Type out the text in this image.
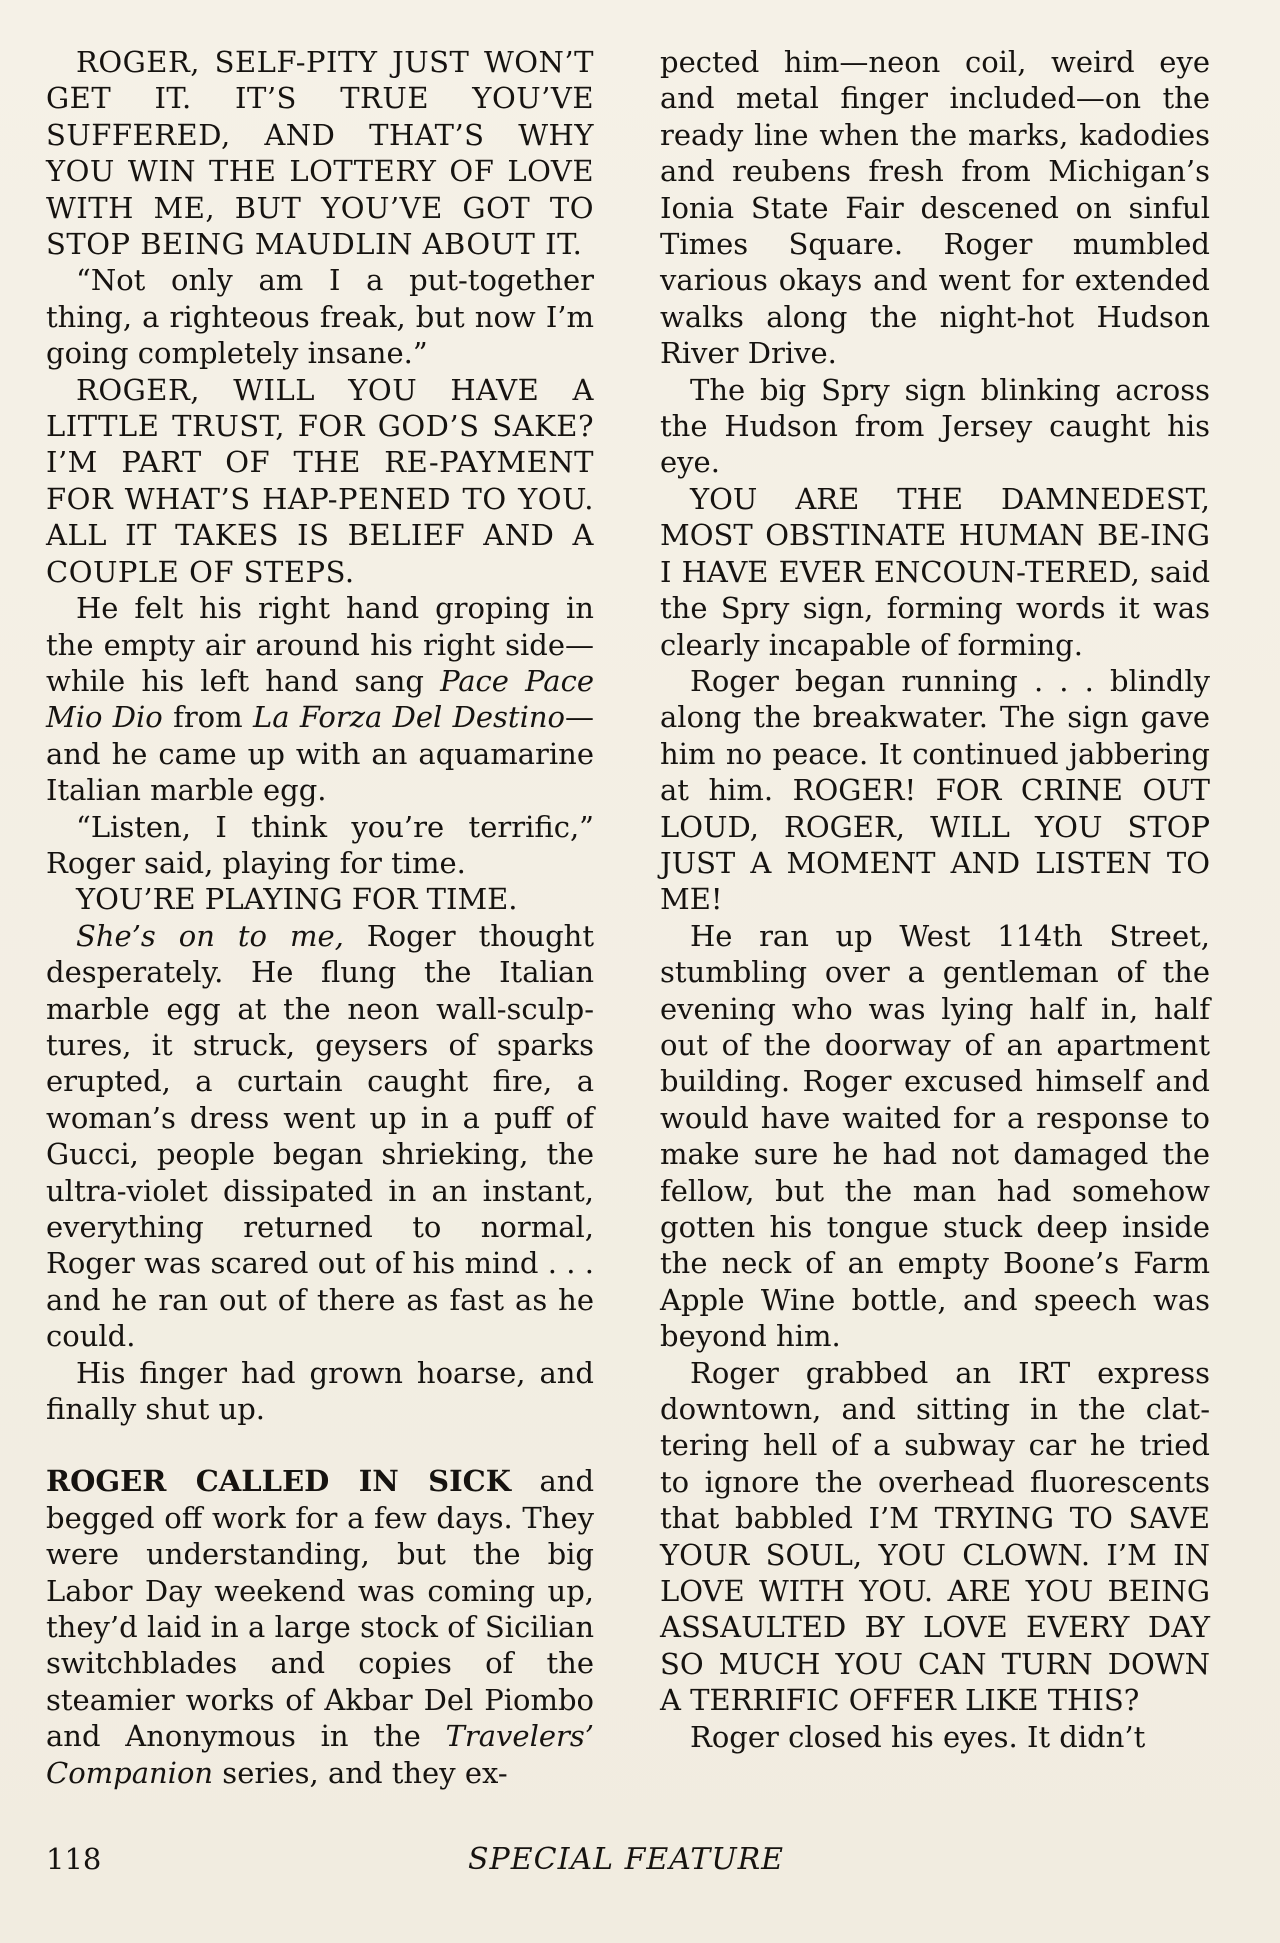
ROGER, SELF-PITY JUST WON’T GET IT. IT’S TRUE YOU’VE SUFFERED, AND THAT’S WHY YOU WIN THE LOTTERY OF LOVE WITH ME, BUT YOU’VE GOT TO STOP BEING MAUDLIN ABOUT IT.

“Not only am I a put-together thing, a righteous freak, but now I’m going completely insane.”

ROGER, WILL YOU HAVE A LITTLE TRUST, FOR GOD’S SAKE? I’M PART OF THE RE-PAYMENT FOR WHAT’S HAP-PENED TO YOU. ALL IT TAKES IS BELIEF AND A COUPLE OF STEPS.

He felt his right hand groping in the empty air around his right side—while his left hand sang Pace Pace Mio Dio from La Forza Del Destino—and he came up with an aquamarine Italian marble egg.

“Listen, I think you’re terrific,” Roger said, playing for time.

YOU’RE PLAYING FOR TIME.

She’s on to me, Roger thought desperately. He flung the Italian marble egg at the neon wall-sculp-tures, it struck, geysers of sparks erupted, a curtain caught fire, a woman’s dress went up in a puff of Gucci, people began shrieking, the ultra-violet dissipated in an instant, everything returned to normal, Roger was scared out of his mind . . . and he ran out of there as fast as he could.

His finger had grown hoarse, and finally shut up.

ROGER CALLED IN SICK and begged off work for a few days. They were understanding, but the big Labor Day weekend was coming up, they’d laid in a large stock of Sicilian switchblades and copies of the steamier works of Akbar Del Piombo and Anonymous in the Travelers’ Companion series, and they ex-

pected him—neon coil, weird eye and metal finger included—on the ready line when the marks, kadodies and reubens fresh from Michigan’s Ionia State Fair descened on sinful Times Square. Roger mumbled various okays and went for extended walks along the night-hot Hudson River Drive.

The big Spry sign blinking across the Hudson from Jersey caught his eye.

YOU ARE THE DAMNEDEST, MOST OBSTINATE HUMAN BE-ING I HAVE EVER ENCOUN-TERED, said the Spry sign, forming words it was clearly incapable of forming.

Roger began running . . . blindly along the breakwater. The sign gave him no peace. It continued jabbering at him. ROGER! FOR CRINE OUT LOUD, ROGER, WILL YOU STOP JUST A MOMENT AND LISTEN TO ME!

He ran up West 114th Street, stumbling over a gentleman of the evening who was lying half in, half out of the doorway of an apartment building. Roger excused himself and would have waited for a response to make sure he had not damaged the fellow, but the man had somehow gotten his tongue stuck deep inside the neck of an empty Boone’s Farm Apple Wine bottle, and speech was beyond him.

Roger grabbed an IRT express downtown, and sitting in the clat-tering hell of a subway car he tried to ignore the overhead fluorescents that babbled I’M TRYING TO SAVE YOUR SOUL, YOU CLOWN. I’M IN LOVE WITH YOU. ARE YOU BEING ASSAULTED BY LOVE EVERY DAY SO MUCH YOU CAN TURN DOWN A TERRIFIC OFFER LIKE THIS?

Roger closed his eyes. It didn’t

118	SPECIAL FEATURE
